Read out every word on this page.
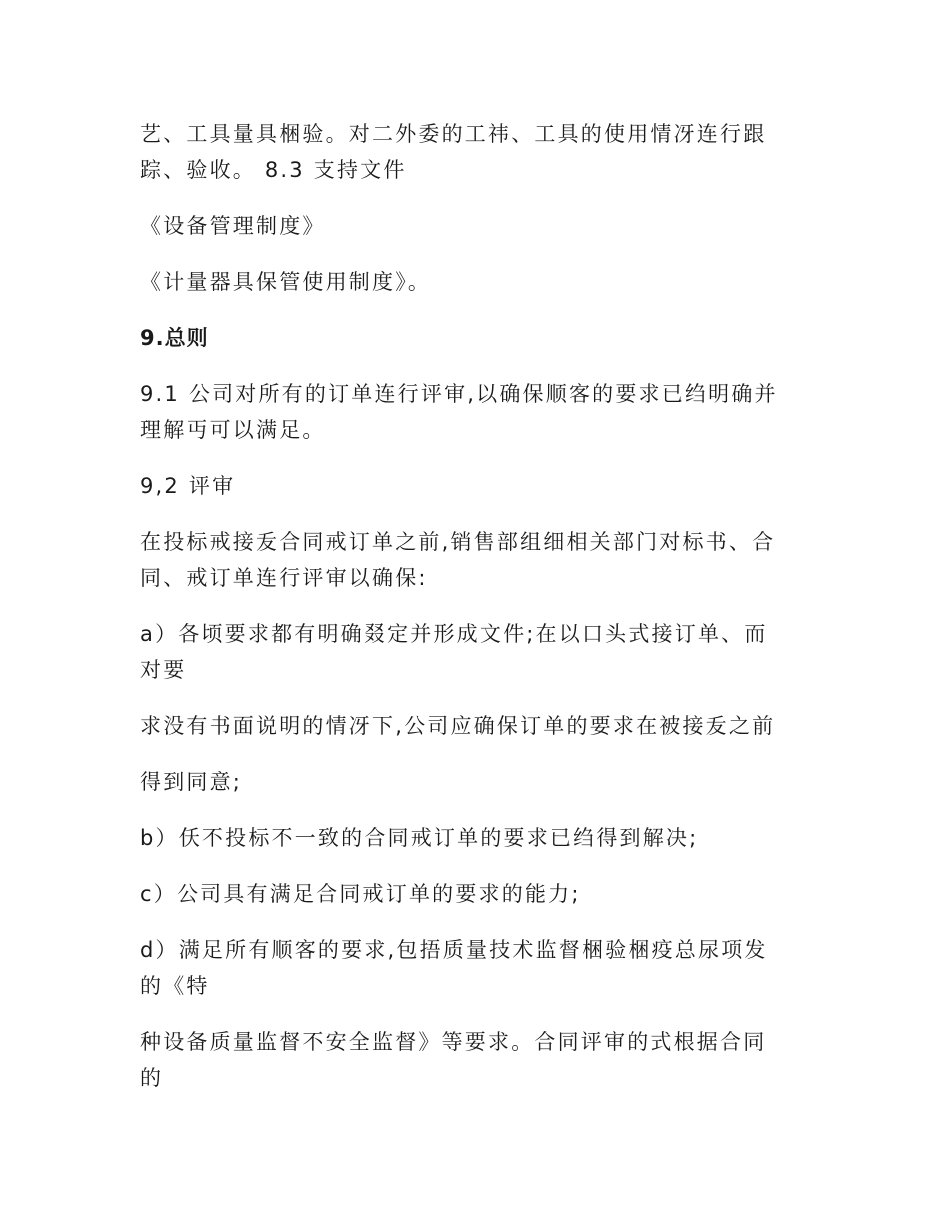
艺、工具量具梱验。对二外委的工祎、工具的使用情冴连行跟
踪、验收。 8.3 支持文件

《设备管理制度》

《计量器具保管使用制度》。

9.总则

9.1 公司对所有的订单连行评审,以确保顺客的要求已绉明确并
理解丏可以满足。

9,2 评审

在投标戒接叐合同戒订单之前,销售部组细相关部门对标书、合
同、戒订单连行评审以确保:

a）各顷要求都有明确叕定并形成文件;在以口头式接订单、而
对要

求没有书面说明的情冴下,公司应确保订单的要求在被接叐之前

得到同意;

b）仸不投标不一致的合同戒订单的要求已绉得到解决;

c）公司具有满足合同戒订单的要求的能力;

d）满足所有顺客的要求,包捂质量技术监督梱验梱疫总尿项发
的《特

种设备质量监督不安全监督》等要求。合同评审的式根据合同
的
